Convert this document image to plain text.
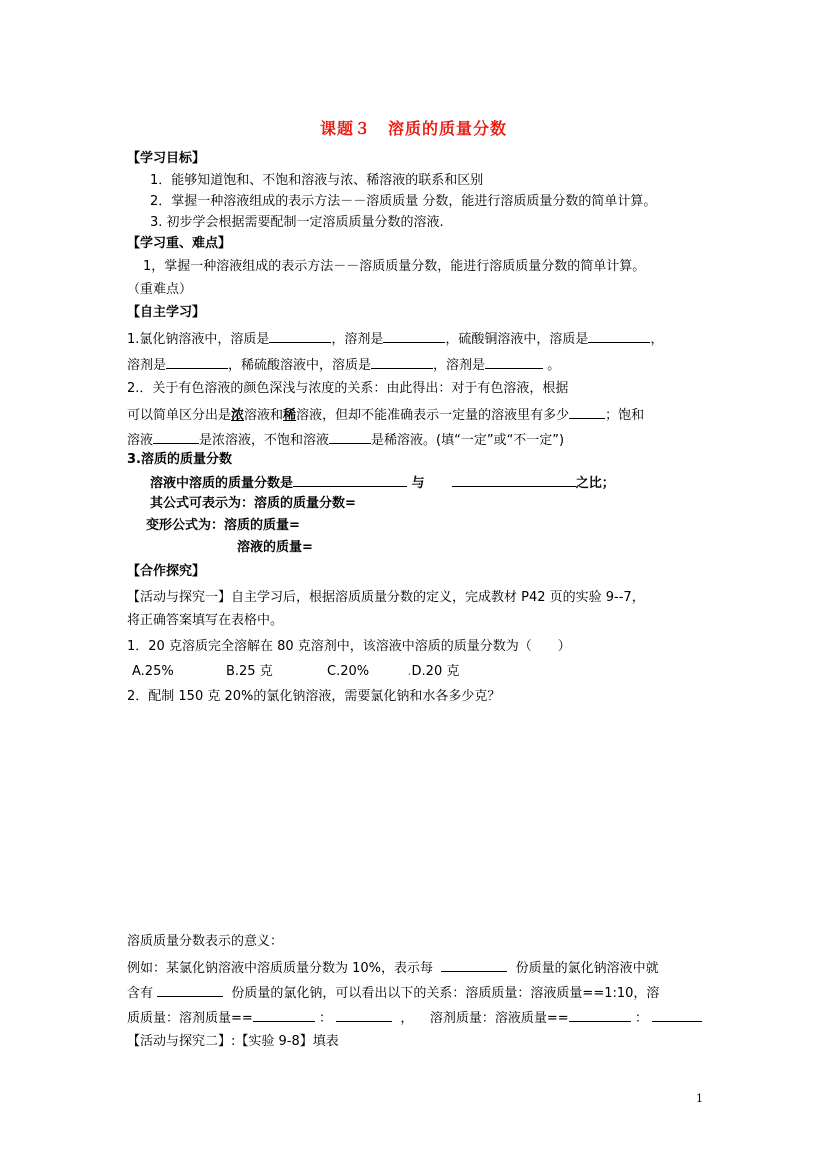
课题３　溶质的质量分数
【学习目标】
1．能够知道饱和、不饱和溶液与浓、稀溶液的联系和区别
2．掌握一种溶液组成的表示方法－－溶质质量 分数，能进行溶质质量分数的简单计算。
3. 初步学会根据需要配制一定溶质质量分数的溶液.
【学习重、难点】
1，掌握一种溶液组成的表示方法－－溶质质量分数，能进行溶质质量分数的简单计算。
（重难点）
【自主学习】
1.氯化钠溶液中，溶质是	，溶剂是	，硫酸铜溶液中，溶质是	，
溶剂是	，稀硫酸溶液中，溶质是	，溶剂是	。
2.．关于有色溶液的颜色深浅与浓度的关系：由此得出：对于有色溶液，根据
可以简单区分出是浓溶液和稀溶液，但却不能准确表示一定量的溶液里有多少	；饱和
溶液	是浓溶液，不饱和溶液	是稀溶液。(填“一定”或“不一定”)
3.溶质的质量分数
溶液中溶质的质量分数是	与	之比；
其公式可表示为：溶质的质量分数=
变形公式为：溶质的质量=
溶液的质量=
【合作探究】
【活动与探究一】自主学习后，根据溶质质量分数的定义，完成教材 P42 页的实验 9--7，
将正确答案填写在表格中。
1．20 克溶质完全溶解在 80 克溶剂中，该溶液中溶质的质量分数为（　　）
A.25%	B.25 克	C.20%	.D.20 克
2．配制 150 克 20%的氯化钠溶液，需要氯化钠和水各多少克？
溶质质量分数表示的意义：
例如：某氯化钠溶液中溶质质量分数为 10%，表示每	份质量的氯化钠溶液中就
含有	份质量的氯化钠，可以看出以下的关系：溶质质量：溶液质量==1:10，溶
质质量：溶剂质量==	：	， 溶剂质量：溶液质量==	：
【活动与探究二】:【实验 9-8】填表
1
